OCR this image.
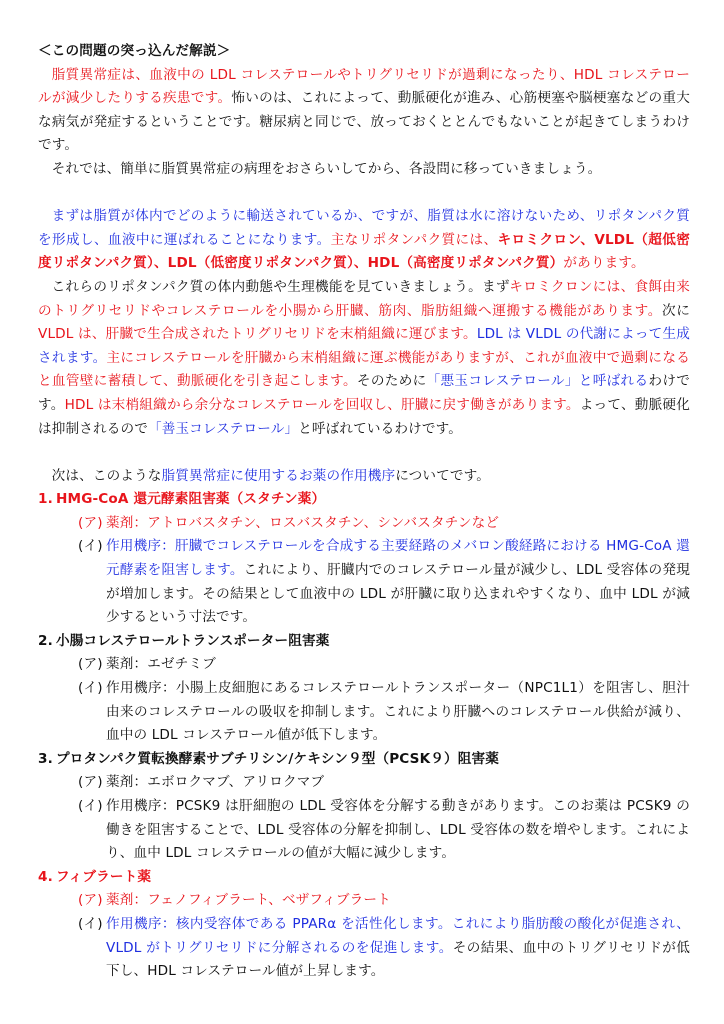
＜この問題の突っ込んだ解説＞

脂質異常症は、血液中の LDL コレステロールやトリグリセリドが過剰になったり、HDL コレステロールが減少したりする疾患です。怖いのは、これによって、動脈硬化が進み、心筋梗塞や脳梗塞などの重大な病気が発症するということです。糖尿病と同じで、放っておくととんでもないことが起きてしまうわけです。

それでは、簡単に脂質異常症の病理をおさらいしてから、各設問に移っていきましょう。

まずは脂質が体内でどのように輸送されているか、ですが、脂質は水に溶けないため、リポタンパク質を形成し、血液中に運ばれることになります。主なリポタンパク質には、キロミクロン、VLDL（超低密度リポタンパク質）、LDL（低密度リポタンパク質）、HDL（高密度リポタンパク質）があります。

これらのリポタンパク質の体内動態や生理機能を見ていきましょう。まずキロミクロンには、食餌由来のトリグリセリドやコレステロールを小腸から肝臓、筋肉、脂肪組織へ運搬する機能があります。次にVLDL は、肝臓で生合成されたトリグリセリドを末梢組織に運びます。LDL は VLDL の代謝によって生成されます。主にコレステロールを肝臓から末梢組織に運ぶ機能がありますが、これが血液中で過剰になると血管壁に蓄積して、動脈硬化を引き起こします。そのために「悪玉コレステロール」と呼ばれるわけです。HDL は末梢組織から余分なコレステロールを回収し、肝臓に戻す働きがあります。よって、動脈硬化は抑制されるので「善玉コレステロール」と呼ばれているわけです。

次は、このような脂質異常症に使用するお薬の作用機序についてです。

1. HMG-CoA 還元酵素阻害薬（スタチン薬）
(ア) 薬剤：アトロバスタチン、ロスバスタチン、シンバスタチンなど
(イ) 作用機序：肝臓でコレステロールを合成する主要経路のメバロン酸経路における HMG-CoA 還元酵素を阻害します。これにより、肝臓内でのコレステロール量が減少し、LDL 受容体の発現が増加します。その結果として血液中の LDL が肝臓に取り込まれやすくなり、血中 LDL が減少するという寸法です。
2. 小腸コレステロールトランスポーター阻害薬
(ア) 薬剤：エゼチミブ
(イ) 作用機序：小腸上皮細胞にあるコレステロールトランスポーター（NPC1L1）を阻害し、胆汁由来のコレステロールの吸収を抑制します。これにより肝臓へのコレステロール供給が減り、血中の LDL コレステロール値が低下します。
3. プロタンパク質転換酵素サブチリシン/ケキシン９型（PCSK９）阻害薬
(ア) 薬剤：エボロクマブ、アリロクマブ
(イ) 作用機序：PCSK9 は肝細胞の LDL 受容体を分解する動きがあります。このお薬は PCSK9 の働きを阻害することで、LDL 受容体の分解を抑制し、LDL 受容体の数を増やします。これにより、血中 LDL コレステロールの値が大幅に減少します。
4. フィブラート薬
(ア) 薬剤：フェノフィブラート、ベザフィブラート
(イ) 作用機序：核内受容体である PPARα を活性化します。これにより脂肪酸の酸化が促進され、VLDL がトリグリセリドに分解されるのを促進します。その結果、血中のトリグリセリドが低下し、HDL コレステロール値が上昇します。
